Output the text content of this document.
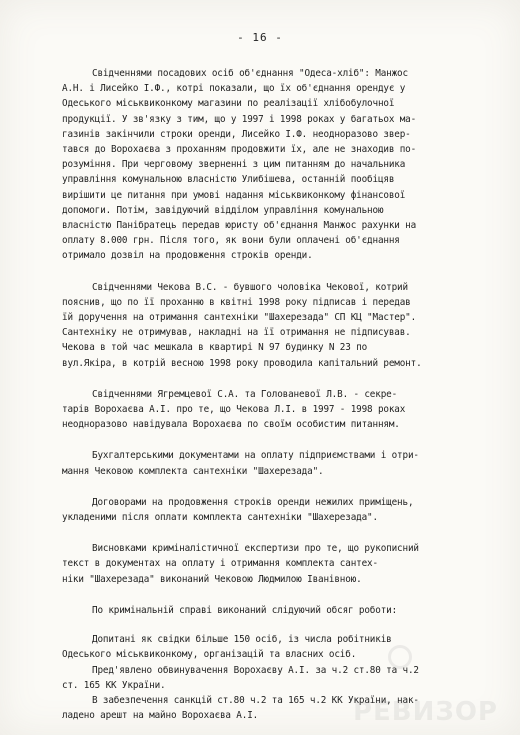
- 16 -
Свідченнями посадових осіб об'єднання "Одеса-хліб": Манжос
А.Н. і Лисейко І.Ф., котрі показали, що їх об'єднання орендує у
Одеського міськвиконкому магазини по реалізації хлібобулочної
продукції. У зв'язку з тим, що у 1997 і 1998 роках у багатьох ма-
газинів закінчили строки оренди, Лисейко І.Ф. неодноразово звер-
тався до Ворохаєва з проханням продовжити їх, але не знаходив по-
розуміння. При черговому зверненні з цим питанням до начальника
управління комунальною власністю Улибішева, останній пообіцяв
вирішити це питання при умові надання міськвиконкому фінансової
допомоги. Потім, завідуючий відділом управління комунальною
власністю Панібратець передав юристу об'єднання Манжос рахунки на
оплату 8.000 грн. Після того, як вони були оплачені об'єднання
отримало дозвіл на продовження строків оренди.
Свідченнями Чекова В.С. - бувшого чоловіка Чекової, котрий
пояснив, що по її проханню в квітні 1998 року підписав і передав
їй доручення на отримання сантехніки "Шахерезада" СП КЦ "Мастер".
Сантехніку не отримував, накладні на її отримання не підписував.
Чекова в той час мешкала в квартирі N 97 будинку N 23 по
вул.Якіра, в котрій весною 1998 року проводила капітальний ремонт.
Свідченнями Ягремцевої С.А. та Голованевої Л.В. - секре-
тарів Ворохаєва А.І. про те, що Чекова Л.І. в 1997 - 1998 роках
неодноразово навідувала Ворохаєва по своїм особистим питанням.
Бухгалтерськими документами на оплату підприємствами і отри-
мання Чековою комплекта сантехніки "Шахерезада".
Договорами на продовження строків оренди нежилих приміщень,
укладеними після оплати комплекта сантехніки "Шахерезада".
Висновками криміналістичної експертизи про те, що рукописний
текст в документах на оплату і отримання комплекта сантех-
ніки "Шахерезада" виконаний Чековою Людмилою Іванівною.
По кримінальній справі виконаний слідуючий обсяг роботи:
Допитані як свідки більше 150 осіб, із числа робітників
Одеського міськвиконкому, організацій та власних осіб.
Пред'явлено обвинувачення Ворохаєву А.І. за ч.2 ст.80 та ч.2
ст. 165 КК України.
В забезпечення санкцій ст.80 ч.2 та 165 ч.2 КК України, нак-
ладено арешт на майно Ворохаєва А.І.	РЕВИЗОР
